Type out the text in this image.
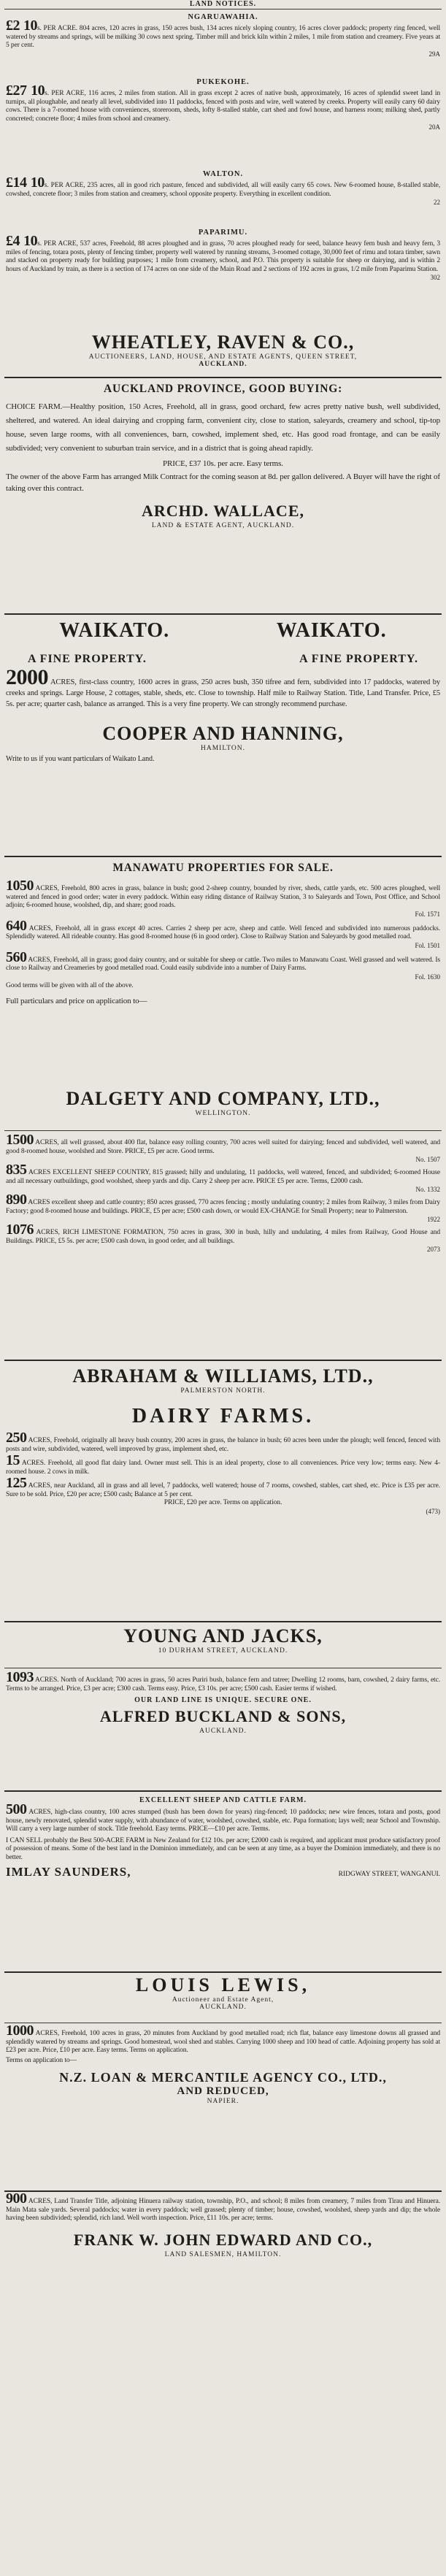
LAND NOTICES.

NGARUAWAHIA.

£2 10s. PER ACRE. 804 acres, 120 acres in grass, 150 acres bush, 134 acres nicely sloping country, 16 acres clover paddock; property ring fenced, well watered by streams and springs, will be milking 30 cows next spring. Timber mill and brick kiln within 2 miles, 1 mile from station and creamery. Five years at 5 per cent.

29A

PUKEKOHE.

£27 10s. PER ACRE, 116 acres, 2 miles from station. All in grass except 2 acres of native bush, approximately, 16 acres of splendid sweet land in turnips, all ploughable, and nearly all level, subdivided into 11 paddocks, fenced with posts and wire, well watered by creeks. Property will easily carry 60 dairy cows. There is a 7-roomed house with conveniences, storeroom, sheds, lofty 8-stalled stable, cart shed and fowl house, and harness room; milking shed, partly concreted; concrete floor; 4 miles from school and creamery.

20A

WALTON.

£14 10s. PER ACRE, 235 acres, all in good rich pasture, fenced and subdivided, all will easily carry 65 cows. New 6-roomed house, 8-stalled stable, cowshed, concrete floor; 3 miles from station and creamery, school opposite property. Everything in excellent condition.

22

PAPARIMU.

£4 10s. PER ACRE, 537 acres, Freehold, 88 acres ploughed and in grass, 70 acres ploughed ready for seed, balance heavy fern bush and heavy fern, 3 miles of fencing, totara posts, plenty of fencing timber, property well watered by running streams, 3-roomed cottage, 30,000 feet of rimu and totara timber, sawn and stacked on property ready for building purposes; 1 mile from creamery, school, and P.O. This property is suitable for sheep or dairying, and is within 2 hours of Auckland by train, as there is a section of 174 acres on one side of the Main Road and 2 sections of 192 acres in grass, 1/2 mile from Paparimu Station.

302

WHEATLEY, RAVEN & CO.,

AUCTIONEERS, LAND, HOUSE, AND ESTATE AGENTS, QUEEN STREET,

AUCKLAND.

AUCKLAND PROVINCE, GOOD BUYING:

CHOICE FARM.—Healthy position, 150 Acres, Freehold, all in grass, good orchard, few acres pretty native bush, well subdivided, sheltered, and watered. An ideal dairying and cropping farm, convenient city, close to station, saleyards, creamery and school, tip-top house, seven large rooms, with all conveniences, barn, cowshed, implement shed, etc. Has good road frontage, and can be easily subdivided; very convenient to suburban train service, and in a district that is going ahead rapidly.

PRICE, £37 10s. per acre. Easy terms.

The owner of the above Farm has arranged Milk Contract for the coming season at 8d. per gallon delivered. A Buyer will have the right of taking over this contract.

ARCHD. WALLACE,

LAND & ESTATE AGENT, AUCKLAND.

WAIKATO.	WAIKATO.
A FINE PROPERTY.	A FINE PROPERTY.

2000 ACRES, first-class country, 1600 acres in grass, 250 acres bush, 350 tifree and fern, subdivided into 17 paddocks, watered by creeks and springs. Large House, 2 cottages, stable, sheds, etc. Close to township. Half mile to Railway Station. Title, Land Transfer. Price, £5 5s. per acre; quarter cash, balance as arranged. This is a very fine property. We can strongly recommend purchase.

COOPER AND HANNING,

HAMILTON.

Write to us if you want particulars of Waikato Land.

MANAWATU PROPERTIES FOR SALE.

1050 ACRES, Freehold, 800 acres in grass, balance in bush; good 2-sheep country, bounded by river, sheds, cattle yards, etc. 500 acres ploughed, well watered and fenced in good order; water in every paddock. Within easy riding distance of Railway Station, 3 to Saleyards and Town, Post Office, and School adjoin; 6-roomed house, woolshed, dip, and share; good roads.

Fol. 1571

640 ACRES, Freehold, all in grass except 40 acres. Carries 2 sheep per acre, sheep and cattle. Well fenced and subdivided into numerous paddocks. Splendidly watered. All rideable country. Has good 8-roomed house (6 in good order). Close to Railway Station and Saleyards by good metalled road.

Fol. 1501

560 ACRES, Freehold, all in grass; good dairy country, and or suitable for sheep or cattle. Two miles to Manawatu Coast. Well grassed and well watered. Is close to Railway and Creameries by good metalled road. Could easily subdivide into a number of Dairy Farms.

Fol. 1630

Good terms will be given with all of the above.

Full particulars and price on application to—

DALGETY AND COMPANY, LTD.,

WELLINGTON.

1500 ACRES, all well grassed, about 400 flat, balance easy rolling country, 700 acres well suited for dairying; fenced and subdivided, well watered, and good 8-roomed house, woolshed and Store. PRICE, £5 per acre. Good terms.

No. 1507

835 ACRES EXCELLENT SHEEP COUNTRY, 815 grassed; hilly and undulating, 11 paddocks, well watered, fenced, and subdivided; 6-roomed House and all necessary outbuildings, good woolshed, sheep yards and dip. Carry 2 sheep per acre. PRICE £5 per acre. Terms, £2000 cash.

No. 1332

890 ACRES excellent sheep and cattle country; 850 acres grassed, 770 acres fencing ; mostly undulating country; 2 miles from Railway, 3 miles from Dairy Factory; good 8-roomed house and buildings. PRICE, £5 per acre; £500 cash down, or would EX-CHANGE for Small Property; near to Palmerston.

1922

1076 ACRES, RICH LIMESTONE FORMATION, 750 acres in grass, 300 in bush, hilly and undulating, 4 miles from Railway, Good House and Buildings. PRICE, £5 5s. per acre; £500 cash down, in good order, and all buildings.

2073

ABRAHAM & WILLIAMS, LTD.,

PALMERSTON NORTH.

DAIRY FARMS.

250 ACRES, Freehold, originally all heavy bush country, 200 acres in grass, the balance in bush; 60 acres been under the plough; well fenced, fenced with posts and wire, subdivided, watered, well improved by grass, implement shed, etc.

15 ACRES. Freehold, all good flat dairy land. Owner must sell. This is an ideal property, close to all conveniences. Price very low; terms easy. New 4-roomed house. 2 cows in milk.

125 ACRES, near Auckland, all in grass and all level, 7 paddocks, well watered; house of 7 rooms, cowshed, stables, cart shed, etc. Price is £35 per acre. Sure to be sold. Price, £20 per acre; £500 cash; Balance at 5 per cent.

PRICE, £20 per acre. Terms on application.

(473)

YOUNG AND JACKS,

10 DURHAM STREET, AUCKLAND.

1093 ACRES. North of Auckland; 700 acres in grass, 50 acres Puriri bush, balance fern and tatree; Dwelling 12 rooms, barn, cowshed, 2 dairy farms, etc. Terms to be arranged. Price, £3 per acre; £300 cash. Terms easy. Price, £3 10s. per acre; £500 cash. Easier terms if wished.

OUR LAND LINE IS UNIQUE. SECURE ONE.

ALFRED BUCKLAND & SONS,

AUCKLAND.

EXCELLENT SHEEP AND CATTLE FARM.

500 ACRES, high-class country, 100 acres stumped (bush has been down for years) ring-fenced; 10 paddocks; new wire fences, totara and posts, good house, newly renovated, splendid water supply, with abundance of water, woolshed, cowshed, stable, etc. Papa formation; lays well; near School and Township. Will carry a very large number of stock. Title freehold. Easy terms. PRICE—£10 per acre. Terms.

I CAN SELL probably the Best 500-ACRE FARM in New Zealand for £12 10s. per acre; £2000 cash is required, and applicant must produce satisfactory proof of possession of means. Some of the best land in the Dominion immediately, and can be seen at any time, as a buyer the Dominion immediately, and there is no better.

IMLAY SAUNDERS,	RIDGWAY STREET, WANGANUI.

LOUIS LEWIS,

Auctioneer and Estate Agent,

AUCKLAND.

1000 ACRES, Freehold, 100 acres in grass, 20 minutes from Auckland by good metalled road; rich flat, balance easy limestone downs all grassed and splendidly watered by streams and springs. Good homestead, wool shed and stables. Carrying 1000 sheep and 100 head of cattle. Adjoining property has sold at £23 per acre. Price, £10 per acre. Easy terms. Terms on application.

Terms on application to—

N.Z. LOAN & MERCANTILE AGENCY CO., LTD.,

AND REDUCED,

NAPIER.

900 ACRES, Land Transfer Title, adjoining Hinuera railway station, township, P.O., and school; 8 miles from creamery, 7 miles from Tirau and Hinuera. Main Mata sale yards. Several paddocks; water in every paddock; well grassed; plenty of timber; house, cowshed, woolshed, sheep yards and dip; the whole having been subdivided; splendid, rich land. Well worth inspection. Price, £11 10s. per acre; terms.

FRANK W. JOHN EDWARD AND CO.,

LAND SALESMEN, HAMILTON.
